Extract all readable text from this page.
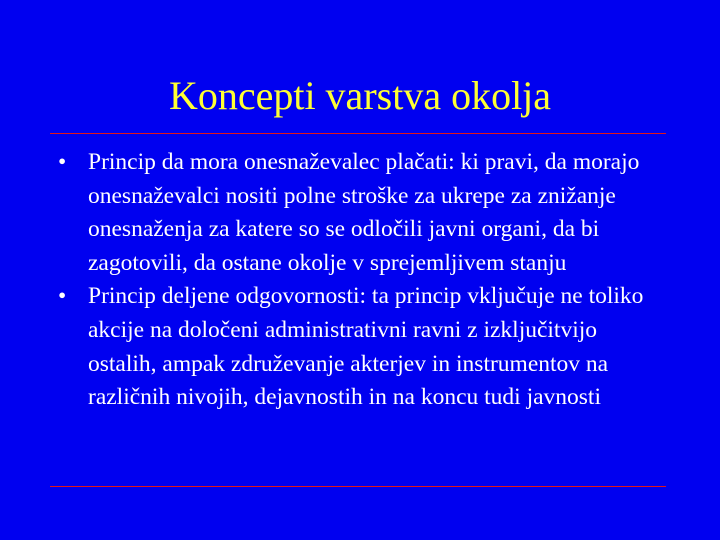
Koncepti varstva okolja
• Princip da mora onesnaževalec plačati: ki pravi, da morajo onesnaževalci nositi polne stroške za ukrepe za znižanje onesnaženja za katere so se odločili javni organi, da bi zagotovili, da ostane okolje v sprejemljivem stanju
• Princip deljene odgovornosti: ta princip vključuje ne toliko akcije na določeni administrativni ravni z izključitvijo ostalih, ampak združevanje akterjev in instrumentov na različnih nivojih, dejavnostih in na koncu tudi javnosti
